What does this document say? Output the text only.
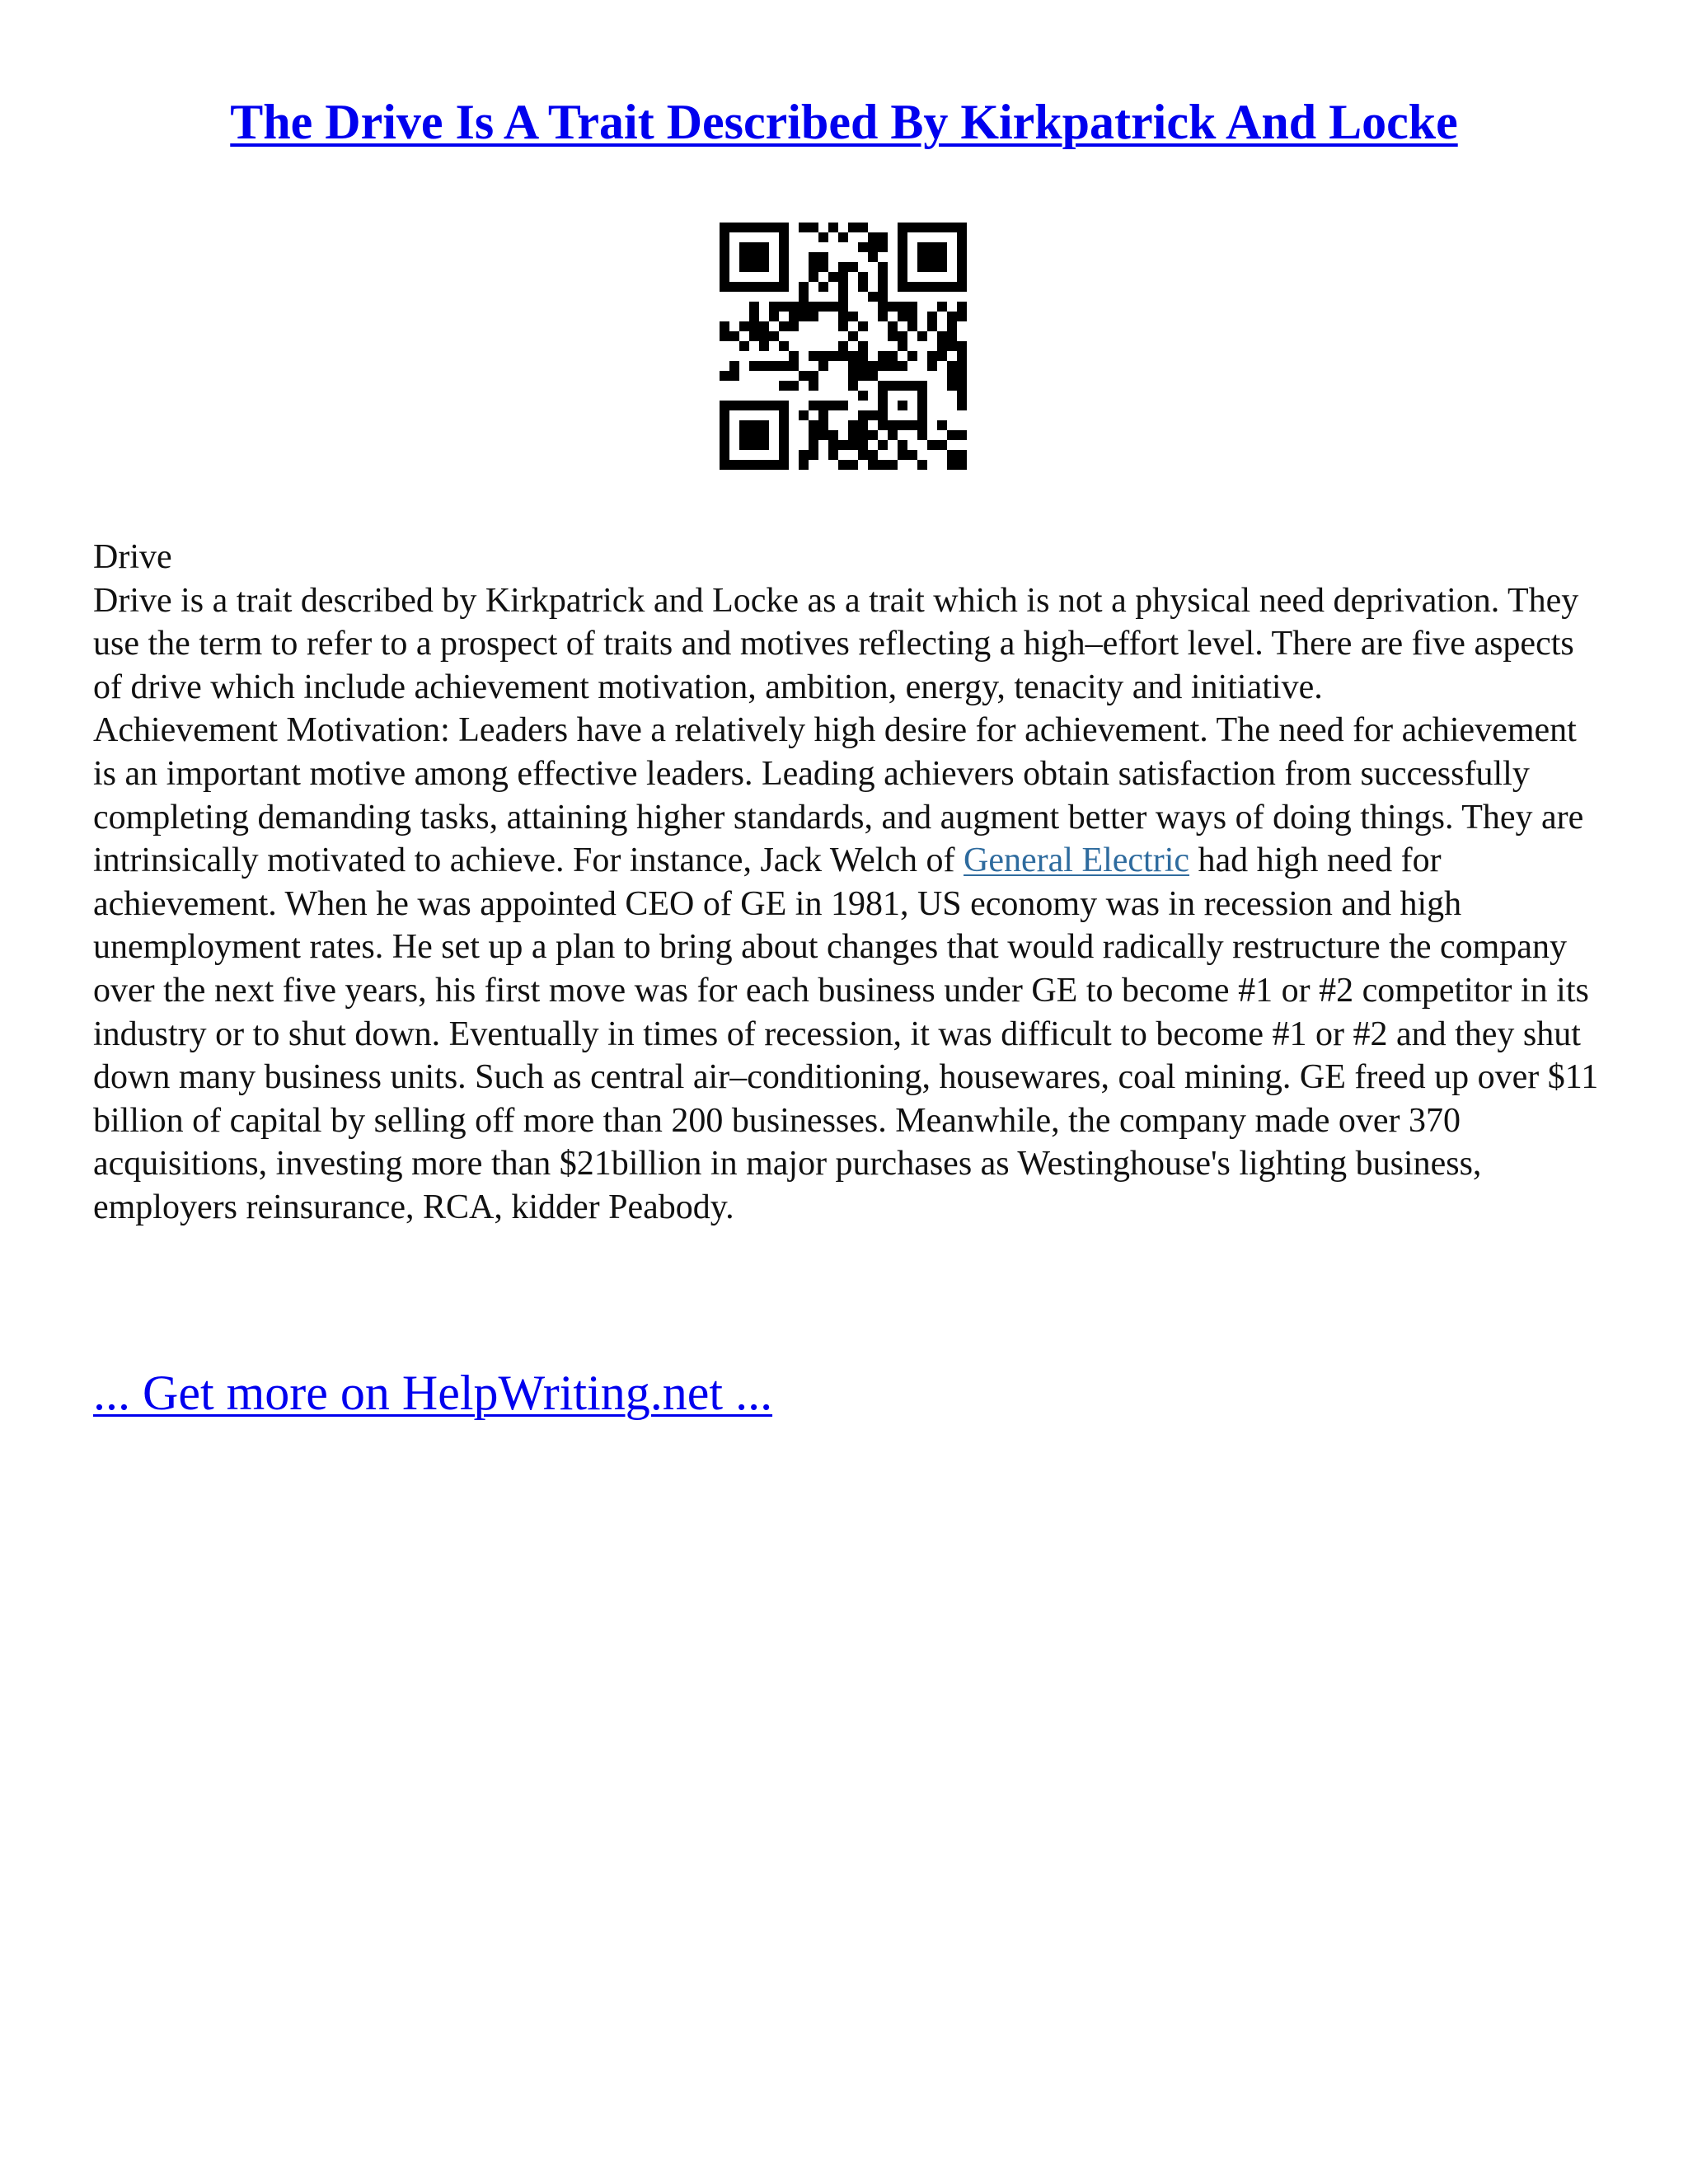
The Drive Is A Trait Described By Kirkpatrick And Locke

Drive

Drive is a trait described by Kirkpatrick and Locke as a trait which is not a physical need deprivation. They use the term to refer to a prospect of traits and motives reflecting a high–effort level. There are five aspects of drive which include achievement motivation, ambition, energy, tenacity and initiative.

Achievement Motivation: Leaders have a relatively high desire for achievement. The need for achievement is an important motive among effective leaders. Leading achievers obtain satisfaction from successfully completing demanding tasks, attaining higher standards, and augment better ways of doing things. They are intrinsically motivated to achieve. For instance, Jack Welch of General Electric had high need for achievement. When he was appointed CEO of GE in 1981, US economy was in recession and high unemployment rates. He set up a plan to bring about changes that would radically restructure the company over the next five years, his first move was for each business under GE to become #1 or #2 competitor in its industry or to shut down. Eventually in times of recession, it was difficult to become #1 or #2 and they shut down many business units. Such as central air–conditioning, housewares, coal mining. GE freed up over $11 billion of capital by selling off more than 200 businesses. Meanwhile, the company made over 370 acquisitions, investing more than $21billion in major purchases as Westinghouse's lighting business, employers reinsurance, RCA, kidder Peabody.

... Get more on HelpWriting.net ...
